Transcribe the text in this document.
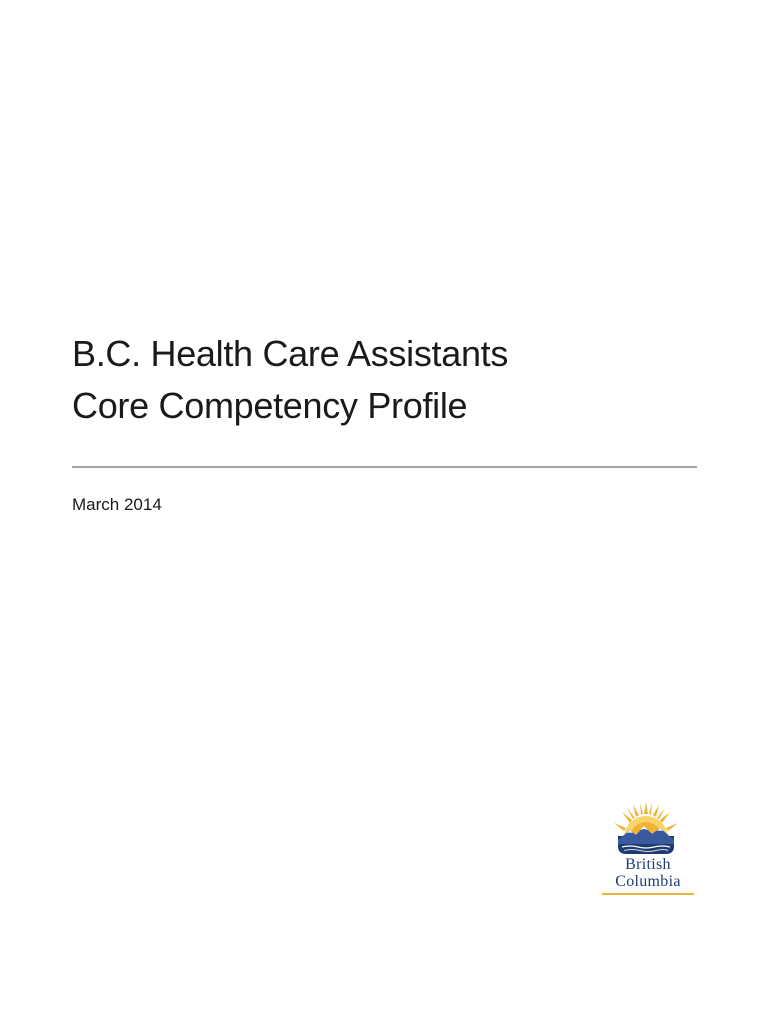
B.C. Health Care Assistants
Core Competency Profile
March 2014
British
Columbia
